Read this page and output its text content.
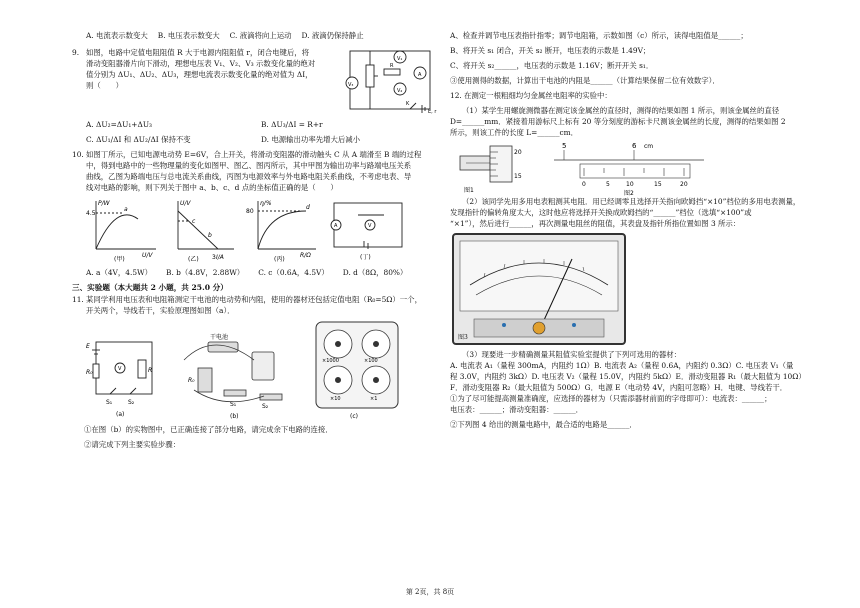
A. 电流表示数变大 B. 电压表示数变大 C. 液滴将向上运动 D. 液滴仍保持静止
9. 如图，电路中定值电阻阻值 R 大于电源内阻阻值 r，闭合电键后，将

滑动变阻器滑片向下滑动，理想电压表 V₁、V₂、V₃ 示数变化量的绝对

值分别为 ΔU₁、ΔU₂、ΔU₃，理想电流表示数变化量的绝对值为 ΔI，

则（　　）

V₁
A
V₃
V₂
R
K
E, r

A. ΔU₂=ΔU₁+ΔU₃	B. ΔU₃/ΔI = R+r

C. ΔU₁/ΔI 和 ΔU₂/ΔI 保持不变	D. 电源输出功率先增大后减小

10. 如图丁所示，已知电源电动势 E=6V，合上开关，将滑动变阻器的滑动触头 C 从 A 端滑至 B 端的过程

中，得到电路中的一些物理量的变化如图甲、图乙、图丙所示，其中甲图为输出功率与路端电压关系

曲线，乙图为路端电压与总电流关系曲线，丙图为电源效率与外电路电阻关系曲线，不考虑电表、导

线对电路的影响，则下列关于图中 a、b、c、d 点的坐标值正确的是（　　）

P/W
U/V
4.5
a
(甲)
U/V
I/A
c
b
3
(乙)
η/%
R/Ω
80
d
(丙)
A	V
(丁)
A. a（4V，4.5W） B. b（4.8V，2.88W） C. c（0.6A，4.5V） D. d（8Ω，80%）
三、实验题（本大题共 2 小题，共 25.0 分）
11. 某同学利用电压表和电阻箱测定干电池的电动势和内阻，使用的器材还包括定值电阻（R₀=5Ω）一个，

开关两个，导线若干，实验原理图如图（a）．

E
R₀	V	R
S₁	S₂
(a)
干电池
R₀
S₁	S₂
(b)
×1000	×100
×10	×1
(c)

①在图（b）的实物图中，已正确连接了部分电路，请完成余下电路的连接．

②请完成下列主要实验步骤：

A、检查并调节电压表指针指零；调节电阻箱，示数如图（c）所示，读得电阻值是______；

B、将开关 s₁ 闭合，开关 s₂ 断开，电压表的示数是 1.49V；

C、将开关 s₂______，电压表的示数是 1.16V；断开开关 s₁．

③使用测得的数据，计算出干电池的内阻是______（计算结果保留二位有效数字）．

12. 在测定一根粗细均匀金属丝电阻率的实验中：

（1）某学生用螺旋测微器在测定该金属丝的直径时，测得的结果如图 1 所示，则该金属丝的直径

D=______mm．紧接着用游标尺上标有 20 等分刻度的游标卡尺测该金属丝的长度，测得的结果如图 2

所示，则该工件的长度 L=______cm．

20
15
图1
5	6 cm
0	5	10	15	20
图2

（2）该同学先用多用电表粗测其电阻．用已经调零且选择开关指向欧姆挡“×10”档位的多用电表测量，

发现指针的偏转角度太大，这时他应将选择开关换成欧姆挡的“______”档位（选填“×100”或

“×1”），然后进行______，再次测量电阻丝的阻值，其表盘及指针所指位置如图 3 所示：

图3

（3）现要进一步精确测量其阻值实验室提供了下列可选用的器材：

A. 电流表 A₁（量程 300mA，内阻约 1Ω）B. 电流表 A₂（量程 0.6A，内阻约 0.3Ω）C. 电压表 V₁（量

程 3.0V，内阻约 3kΩ）D. 电压表 V₂（量程 15.0V，内阻约 5kΩ）E．滑动变阻器 R₁（最大阻值为 10Ω）

F．滑动变阻器 R₂（最大阻值为 500Ω）G．电源 E（电动势 4V，内阻可忽略）H．电键、导线若干．

①为了尽可能提高测量准确度，应选择的器材为（只需添器材前面的字母即可）：电流表：______；

电压表：______；滑动变阻器：______．

②下列图 4 给出的测量电路中，最合适的电路是______．

第 2页，共 8页
